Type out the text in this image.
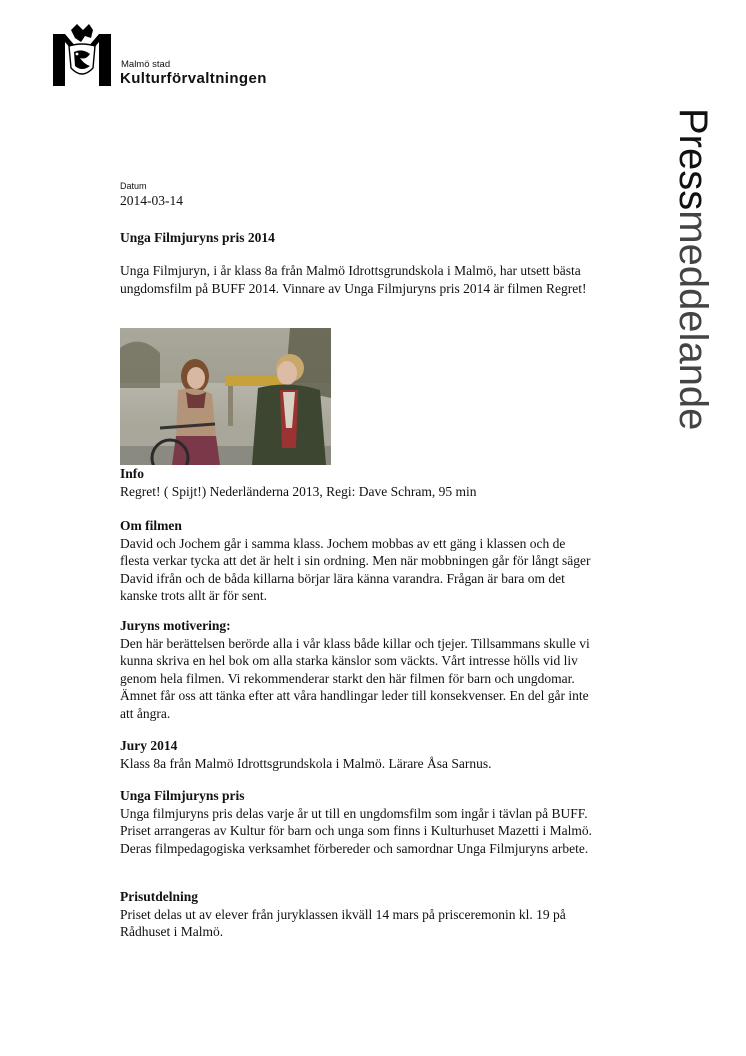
Malmö stad
Kulturförvaltningen
Pressmeddelande
Datum
2014-03-14
Unga Filmjuryns pris 2014

Unga Filmjuryn, i år klass 8a från Malmö Idrottsgrundskola i Malmö, har utsett bästa ungdomsfilm på BUFF 2014. Vinnare av Unga Filmjuryns pris 2014 är filmen Regret!

Info

Regret! ( Spijt!) Nederländerna 2013, Regi: Dave Schram, 95 min

Om filmen

David och Jochem går i samma klass. Jochem mobbas av ett gäng i klassen och de flesta verkar tycka att det är helt i sin ordning. Men när mobbningen går för långt säger David ifrån och de båda killarna börjar lära känna varandra. Frågan är bara om det kanske trots allt är för sent.

Juryns motivering:

Den här berättelsen berörde alla i vår klass både killar och tjejer. Tillsammans skulle vi kunna skriva en hel bok om alla starka känslor som väckts. Vårt intresse hölls vid liv genom hela filmen. Vi rekommenderar starkt den här filmen för barn och ungdomar. Ämnet får oss att tänka efter att våra handlingar leder till konsekvenser. En del går inte att ångra.

Jury 2014

Klass 8a från Malmö Idrottsgrundskola i Malmö. Lärare Åsa Sarnus.

Unga Filmjuryns pris

Unga filmjuryns pris delas varje år ut till en ungdomsfilm som ingår i tävlan på BUFF. Priset arrangeras av Kultur för barn och unga som finns i Kulturhuset Mazetti i Malmö. Deras filmpedagogiska verksamhet förbereder och samordnar Unga Filmjuryns arbete.

Prisutdelning

Priset delas ut av elever från juryklassen ikväll 14 mars på prisceremonin kl. 19 på Rådhuset i Malmö.
